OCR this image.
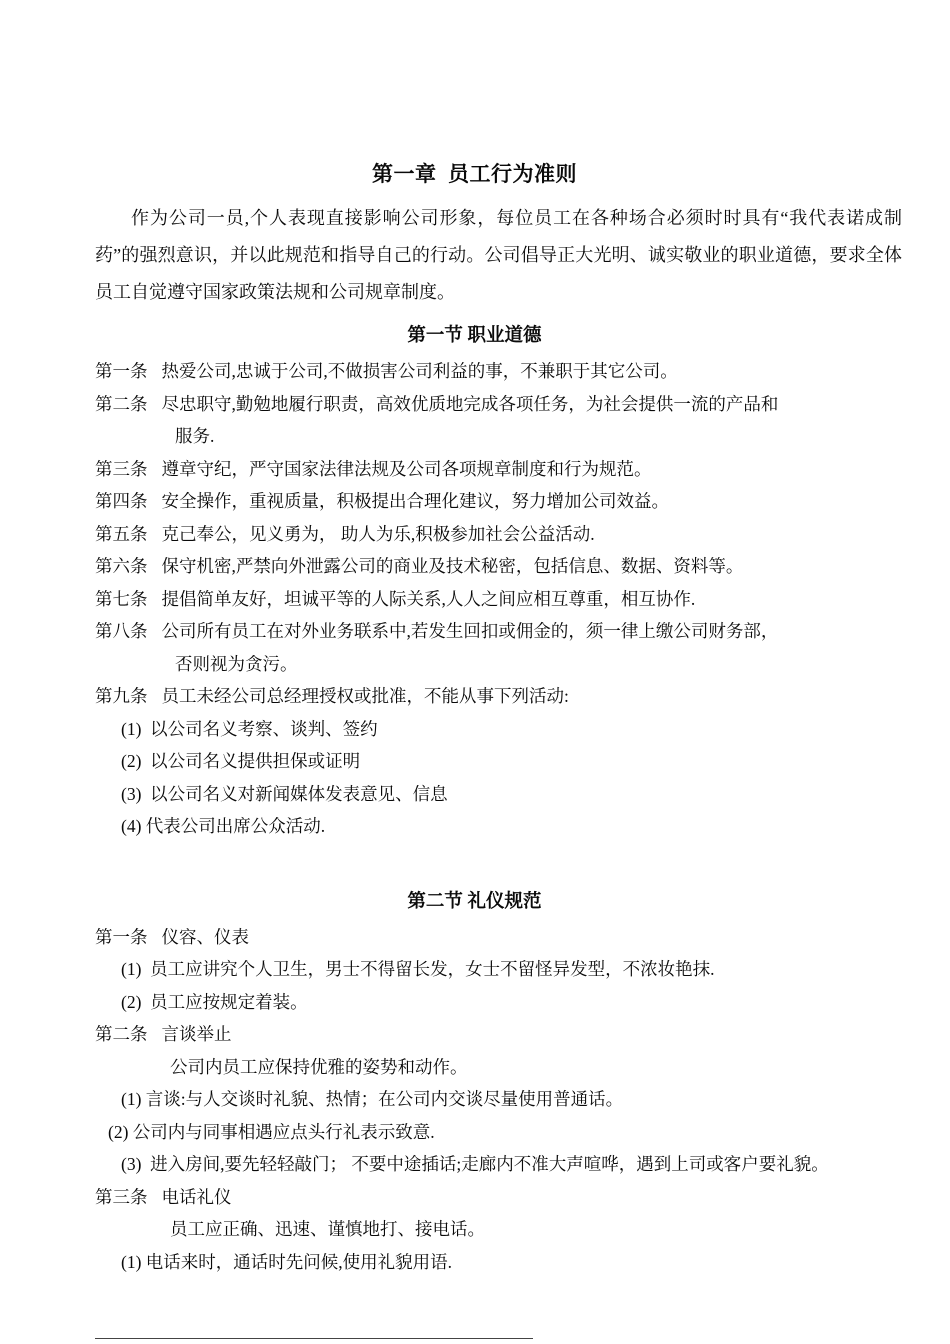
第一章  员工行为准则

作为公司一员,个人表现直接影响公司形象，每位员工在各种场合必须时时具有“我代表诺成制药”的强烈意识，并以此规范和指导自己的行动。公司倡导正大光明、诚实敬业的职业道德，要求全体员工自觉遵守国家政策法规和公司规章制度。

第一节 职业道德

第一条 热爱公司,忠诚于公司,不做损害公司利益的事，不兼职于其它公司。

第二条 尽忠职守,勤勉地履行职责，高效优质地完成各项任务，为社会提供一流的产品和

服务.

第三条 遵章守纪，严守国家法律法规及公司各项规章制度和行为规范。

第四条 安全操作，重视质量，积极提出合理化建议，努力增加公司效益。

第五条 克己奉公，见义勇为， 助人为乐,积极参加社会公益活动.

第六条 保守机密,严禁向外泄露公司的商业及技术秘密，包括信息、数据、资料等。

第七条 提倡简单友好，坦诚平等的人际关系,人人之间应相互尊重，相互协作.

第八条 公司所有员工在对外业务联系中,若发生回扣或佣金的，须一律上缴公司财务部，

否则视为贪污。

第九条 员工未经公司总经理授权或批准，不能从事下列活动:

(1)  以公司名义考察、谈判、签约

(2)  以公司名义提供担保或证明

(3)  以公司名义对新闻媒体发表意见、信息

(4) 代表公司出席公众活动.

第二节 礼仪规范

第一条 仪容、仪表

(1)  员工应讲究个人卫生，男士不得留长发，女士不留怪异发型，不浓妆艳抹.

(2)  员工应按规定着装。

第二条 言谈举止

公司内员工应保持优雅的姿势和动作。

(1) 言谈:与人交谈时礼貌、热情；在公司内交谈尽量使用普通话。

(2) 公司内与同事相遇应点头行礼表示致意.

(3)  进入房间,要先轻轻敲门； 不要中途插话;走廊内不准大声喧哗，遇到上司或客户要礼貌。

第三条 电话礼仪

员工应正确、迅速、谨慎地打、接电话。

(1) 电话来时，通话时先问候,使用礼貌用语.
